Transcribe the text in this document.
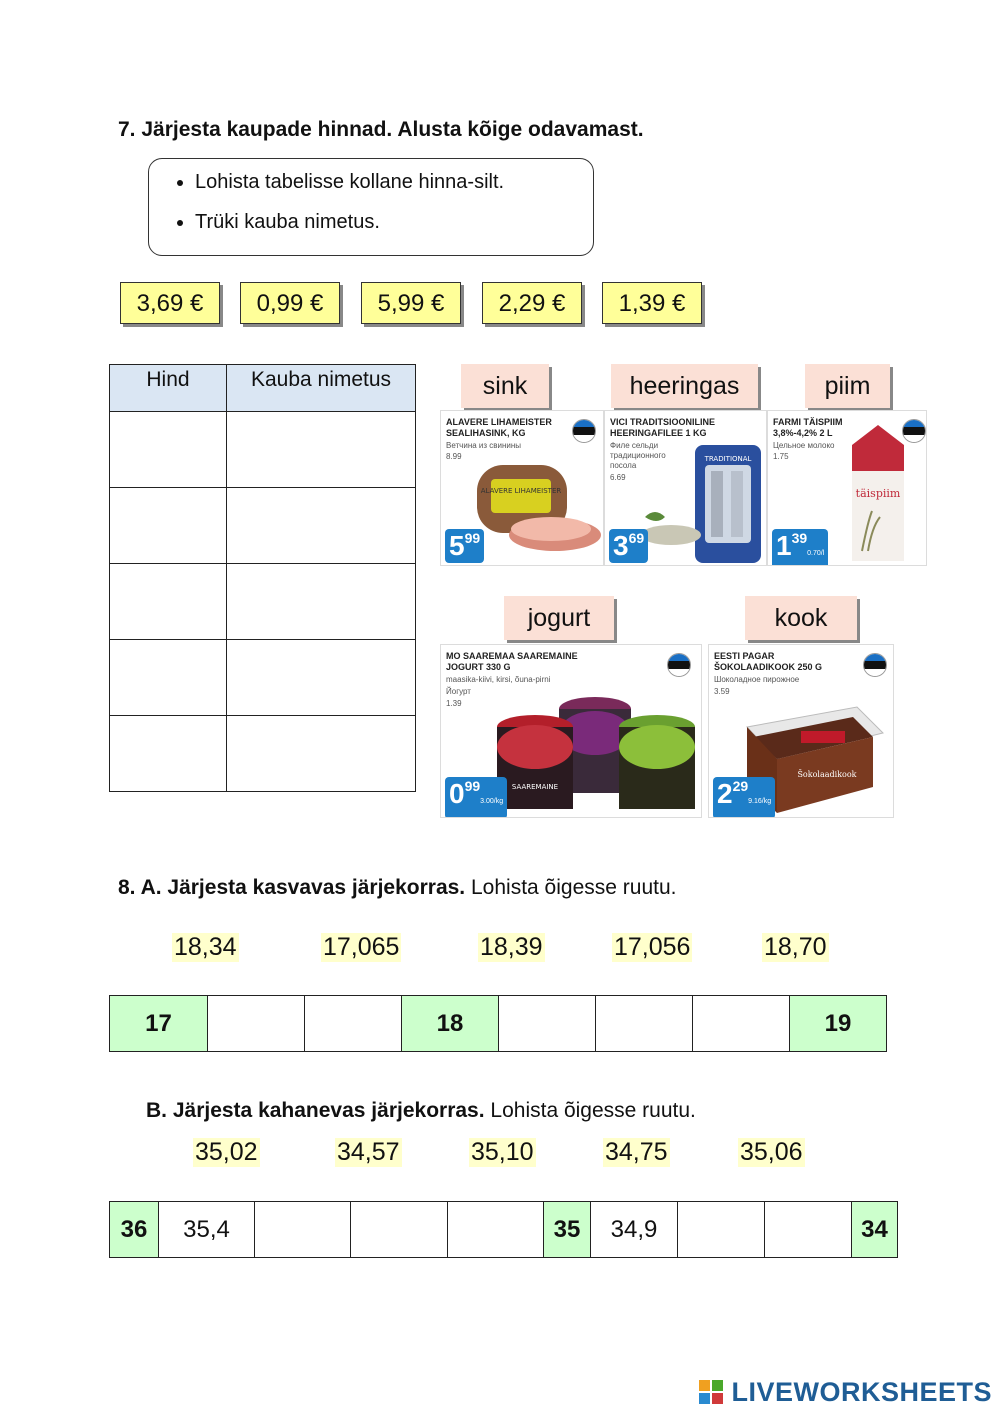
7. Järjesta kaupade hinnad. Alusta kõige odavamast.
• Lohista tabelisse kollane hinna-silt.
• Trüki kauba nimetus.
3,69 €	0,99 €	5,99 €	2,29 €	1,39 €
Hind	Kauba nimetus

		sink	heeringas	piim
jogurt	kook
ALAVERE LIHAMEISTER SEALIHASINK, KG
Ветчина из свинины
8.99
ALAVERE LIHAMEISTER
$5^{99}$
VICI TRADITSIOONILINE HEERINGAFILEE 1 KG
Филе сельди традиционного посола
6.69
TRADITIONAL
$3^{69}$
FARMI TÄISPIIM 3,8%-4,2% 2 L
Цельное молоко
1.75
täispiim
$1^{39}0.70/l$
MO SAAREMAA SAAREMAINE JOGURT 330 G
maasika-kiivi, kirsi, õuna-pirni
Йогурт
1.39
SAAREMAINE
$0^{99}3.00/kg$
EESTI PAGAR ŠOKOLAADIKOOK 250 G
Шоколадное пирожное
3.59
Šokolaadikook
$2^{29}9.16/kg$
8. A. Järjesta kasvavas järjekorras. Lohista õigesse ruutu.
18,34	17,065	18,39	17,056	18,70
17			18				19
B. Järjesta kahanevas järjekorras. Lohista õigesse ruutu.
35,02	34,57	35,10	34,75	35,06
36	35,4				35	34,9			34
LIVEWORKSHEETS
